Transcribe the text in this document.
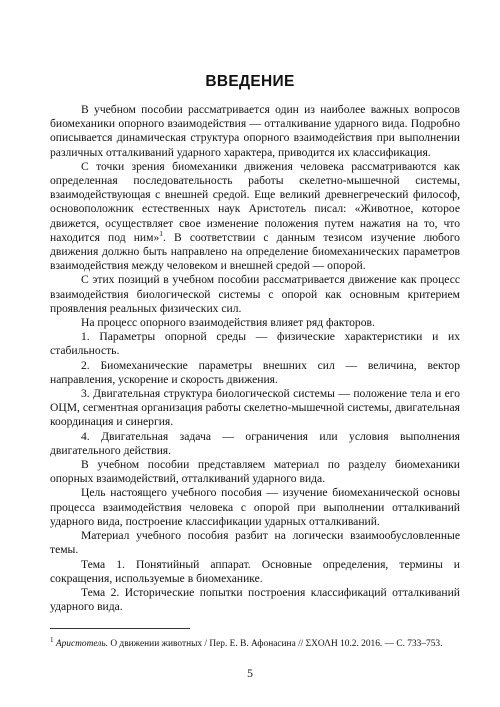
ВВЕДЕНИЕ

В учебном пособии рассматривается один из наиболее важных вопросов биомеханики опорного взаимодействия — отталкивание ударного вида. Подробно описывается динамическая структура опорного взаимодействия при выполнении различных отталкиваний ударного характера, приводится их классификация.

С точки зрения биомеханики движения человека рассматриваются как определенная последовательность работы скелетно-мышечной системы, взаимодействующая с внешней средой. Еще великий древнегреческий философ, основоположник естественных наук Аристотель писал: «Животное, которое движется, осуществляет свое изменение положения путем нажатия на то, что находится под ним»$^1$. В соответствии с данным тезисом изучение любого движения должно быть направлено на определение биомеханических параметров взаимодействия между человеком и внешней средой — опорой.

С этих позиций в учебном пособии рассматривается движение как процесс взаимодействия биологической системы с опорой как основным критерием проявления реальных физических сил.

На процесс опорного взаимодействия влияет ряд факторов.

1. Параметры опорной среды — физические характеристики и их стабильность.

2. Биомеханические параметры внешних сил — величина, вектор направления, ускорение и скорость движения.

3. Двигательная структура биологической системы — положение тела и его ОЦМ, сегментная организация работы скелетно-мышечной системы, двигательная координация и синергия.

4. Двигательная задача — ограничения или условия выполнения двигательного действия.

В учебном пособии представляем материал по разделу биомеханики опорных взаимодействий, отталкиваний ударного вида.

Цель настоящего учебного пособия — изучение биомеханической основы процесса взаимодействия человека с опорой при выполнении отталкиваний ударного вида, построение классификации ударных отталкиваний.

Материал учебного пособия разбит на логически взаимообусловленные темы.

Тема 1. Понятийный аппарат. Основные определения, термины и сокращения, используемые в биомеханике.

Тема 2. Исторические попытки построения классификаций отталкиваний ударного вида.

$^1$ Аристотель. О движении животных / Пер. Е. В. Афонасина // ΣΧΟΛΗ 10.2. 2016. — С. 733–753.
5
